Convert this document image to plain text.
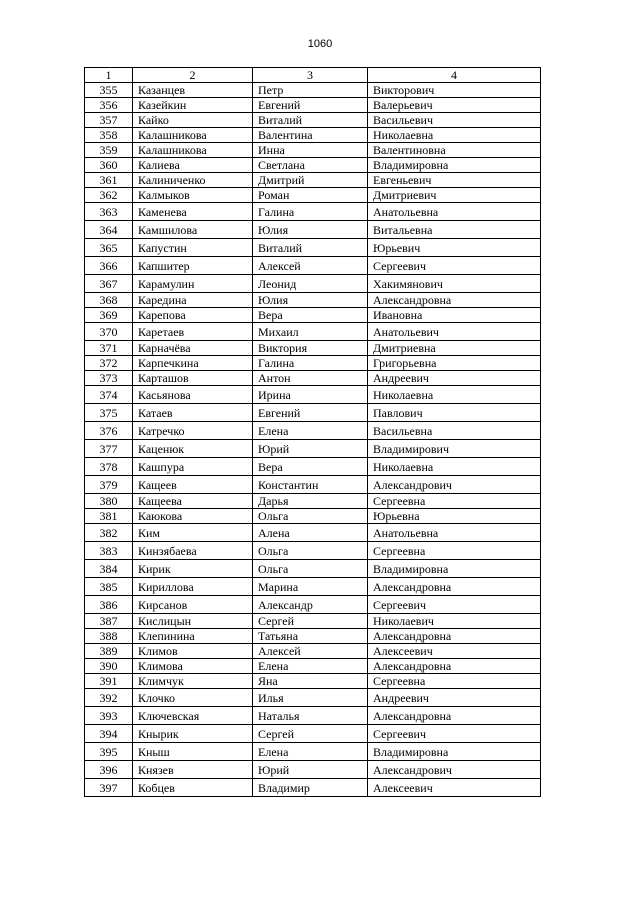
1060
1	2	3	4
355	Казанцев	Петр	Викторович
356	Казейкин	Евгений	Валерьевич
357	Кайко	Виталий	Васильевич
358	Калашникова	Валентина	Николаевна
359	Калашникова	Инна	Валентиновна
360	Калиева	Светлана	Владимировна
361	Калиниченко	Дмитрий	Евгеньевич
362	Калмыков	Роман	Дмитриевич
363	Каменева	Галина	Анатольевна
364	Камшилова	Юлия	Витальевна
365	Капустин	Виталий	Юрьевич
366	Капшитер	Алексей	Сергеевич
367	Карамулин	Леонид	Хакимянович
368	Каредина	Юлия	Александровна
369	Карепова	Вера	Ивановна
370	Каретаев	Михаил	Анатольевич
371	Карначёва	Виктория	Дмитриевна
372	Карпечкина	Галина	Григорьевна
373	Карташов	Антон	Андреевич
374	Касьянова	Ирина	Николаевна
375	Катаев	Евгений	Павлович
376	Катречко	Елена	Васильевна
377	Каценюк	Юрий	Владимирович
378	Кашпура	Вера	Николаевна
379	Кащеев	Константин	Александрович
380	Кащеева	Дарья	Сергеевна
381	Каюкова	Ольга	Юрьевна
382	Ким	Алена	Анатольевна
383	Кинзябаева	Ольга	Сергеевна
384	Кирик	Ольга	Владимировна
385	Кириллова	Марина	Александровна
386	Кирсанов	Александр	Сергеевич
387	Кислицын	Сергей	Николаевич
388	Клепинина	Татьяна	Александровна
389	Климов	Алексей	Алексеевич
390	Климова	Елена	Александровна
391	Климчук	Яна	Сергеевна
392	Клочко	Илья	Андреевич
393	Ключевская	Наталья	Александровна
394	Кнырик	Сергей	Сергеевич
395	Кныш	Елена	Владимировна
396	Князев	Юрий	Александрович
397	Кобцев	Владимир	Алексеевич
